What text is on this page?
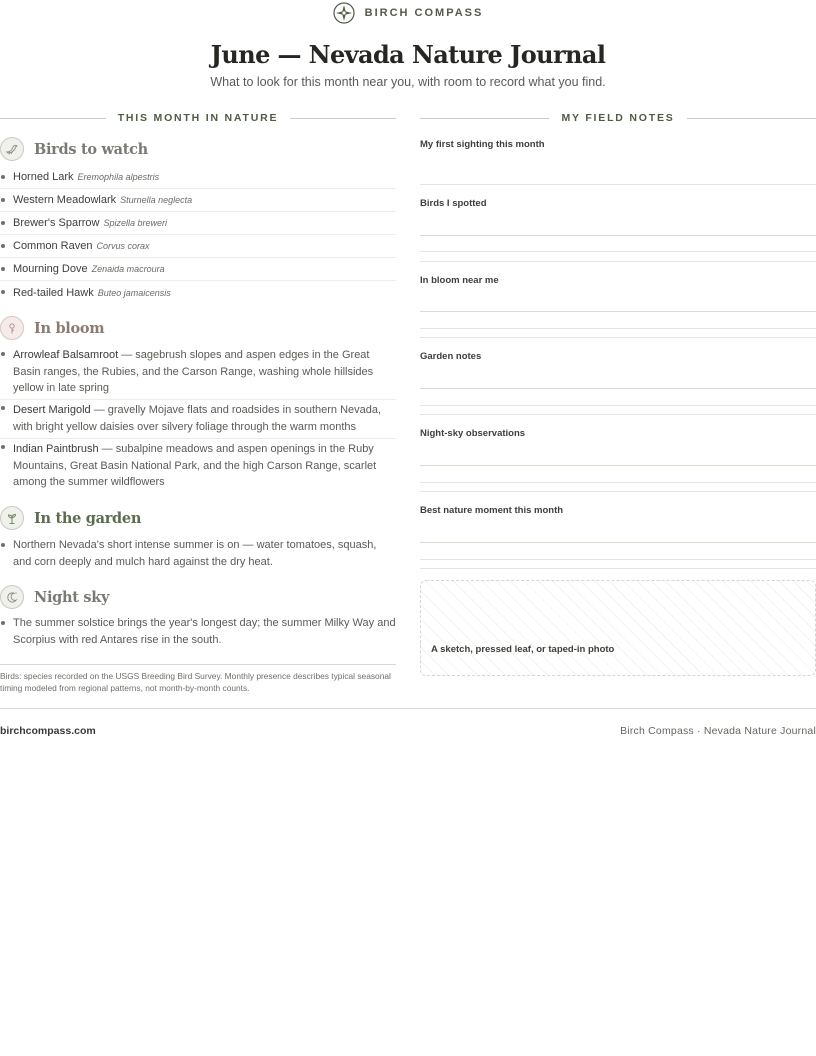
BIRCH COMPASS
June — Nevada Nature Journal
What to look for this month near you, with room to record what you find.
THIS MONTH IN NATURE	MY FIELD NOTES
Birds to watch
Horned Lark Eremophila alpestris
Western Meadowlark Sturnella neglecta
Brewer's Sparrow Spizella breweri
Common Raven Corvus corax
Mourning Dove Zenaida macroura
Red-tailed Hawk Buteo jamaicensis
In bloom
Arrowleaf Balsamroot — sagebrush slopes and aspen edges in the Great Basin ranges, the Rubies, and the Carson Range, washing whole hillsides yellow in late spring
Desert Marigold — gravelly Mojave flats and roadsides in southern Nevada, with bright yellow daisies over silvery foliage through the warm months
Indian Paintbrush — subalpine meadows and aspen openings in the Ruby Mountains, Great Basin National Park, and the high Carson Range, scarlet among the summer wildflowers
In the garden
Northern Nevada's short intense summer is on — water tomatoes, squash, and corn deeply and mulch hard against the dry heat.
Night sky
The summer solstice brings the year's longest day; the summer Milky Way and Scorpius with red Antares rise in the south.
Birds: species recorded on the USGS Breeding Bird Survey. Monthly presence describes typical seasonal timing modeled from regional patterns, not month-by-month counts.
My first sighting this month
Birds I spotted
In bloom near me
Garden notes
Night-sky observations
Best nature moment this month
A sketch, pressed leaf, or taped-in photo
birchcompass.com	Birch Compass · Nevada Nature Journal
